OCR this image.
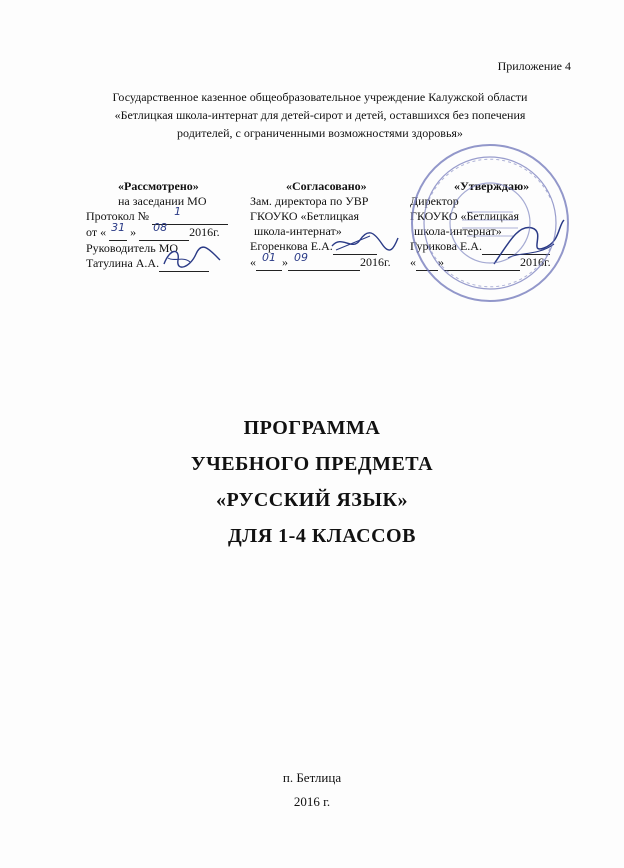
Приложение 4
Государственное казенное общеобразовательное учреждение Калужской области
«Бетлицкая школа-интернат для детей-сирот и детей, оставшихся без попечения
родителей, с ограниченными возможностями здоровья»
«Рассмотрено»
на заседании МО
Протокол № 1

от « 31 » 08 2016г.
Руководитель МО
Татулина А.А.
«Согласовано»
Зам. директора по УВР
ГКОУКО «Бетлицкая
школа-интернат»
Егоренкова Е.А.
« 01 » 09	2016г.
«Утверждаю»
Директор
ГКОУКО «Бетлицкая
школа-интернат»
Гурикова Е.А.
« »	2016г.
ПРОГРАММА
УЧЕБНОГО ПРЕДМЕТА
«РУССКИЙ ЯЗЫК»
ДЛЯ 1-4 КЛАССОВ
п. Бетлица
2016 г.
